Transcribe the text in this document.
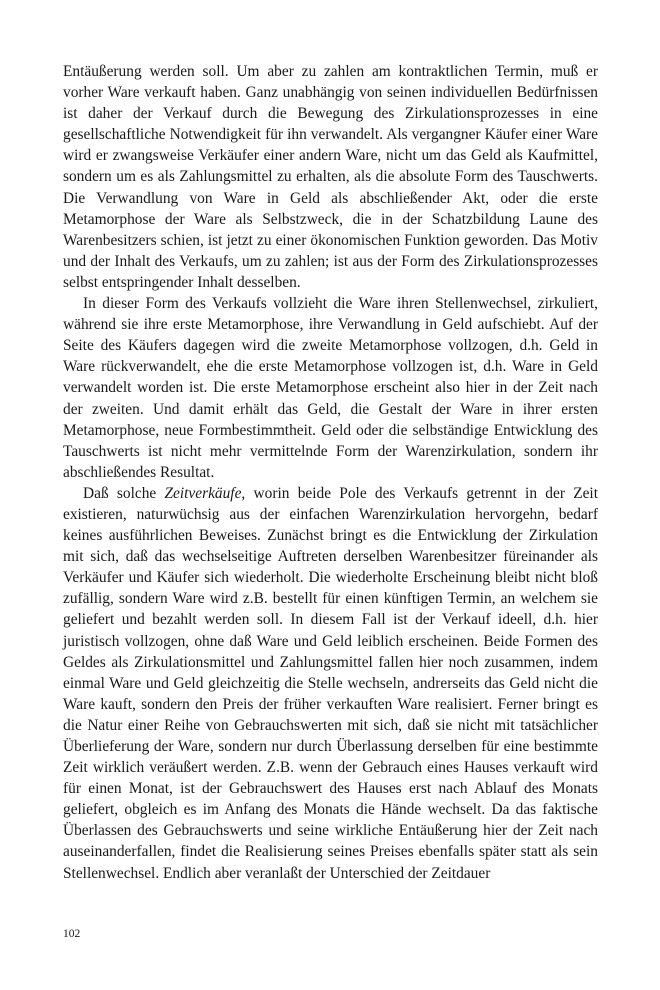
Entäußerung werden soll. Um aber zu zahlen am kontraktlichen Termin, muß er vorher Ware verkauft haben. Ganz unabhängig von seinen individuellen Bedürfnissen ist daher der Verkauf durch die Bewegung des Zirkulationsprozesses in eine gesellschaftliche Notwendigkeit für ihn verwandelt. Als vergangner Käufer einer Ware wird er zwangsweise Verkäufer einer andern Ware, nicht um das Geld als Kaufmittel, sondern um es als Zahlungsmittel zu erhalten, als die absolute Form des Tauschwerts. Die Verwandlung von Ware in Geld als abschließender Akt, oder die erste Metamorphose der Ware als Selbstzweck, die in der Schatzbildung Laune des Warenbesitzers schien, ist jetzt zu einer ökonomischen Funktion geworden. Das Motiv und der Inhalt des Verkaufs, um zu zahlen; ist aus der Form des Zirkulationsprozesses selbst entspringender Inhalt desselben.

In dieser Form des Verkaufs vollzieht die Ware ihren Stellenwechsel, zirkuliert, während sie ihre erste Metamorphose, ihre Verwandlung in Geld aufschiebt. Auf der Seite des Käufers dagegen wird die zweite Metamorphose vollzogen, d.h. Geld in Ware rückverwandelt, ehe die erste Metamorphose vollzogen ist, d.h. Ware in Geld verwandelt worden ist. Die erste Metamorphose erscheint also hier in der Zeit nach der zweiten. Und damit erhält das Geld, die Gestalt der Ware in ihrer ersten Metamorphose, neue Formbestimmtheit. Geld oder die selbständige Entwicklung des Tauschwerts ist nicht mehr vermittelnde Form der Warenzirkulation, sondern ihr abschließendes Resultat.

Daß solche Zeitverkäufe, worin beide Pole des Verkaufs getrennt in der Zeit existieren, naturwüchsig aus der einfachen Warenzirkulation hervorgehn, bedarf keines ausführlichen Beweises. Zunächst bringt es die Entwicklung der Zirkulation mit sich, daß das wechselseitige Auftreten derselben Warenbesitzer füreinander als Verkäufer und Käufer sich wiederholt. Die wiederholte Erscheinung bleibt nicht bloß zufällig, sondern Ware wird z.B. bestellt für einen künftigen Termin, an welchem sie geliefert und bezahlt werden soll. In diesem Fall ist der Verkauf ideell, d.h. hier juristisch vollzogen, ohne daß Ware und Geld leiblich erscheinen. Beide Formen des Geldes als Zirkulationsmittel und Zahlungsmittel fallen hier noch zusammen, indem einmal Ware und Geld gleichzeitig die Stelle wechseln, andrerseits das Geld nicht die Ware kauft, sondern den Preis der früher verkauften Ware realisiert. Ferner bringt es die Natur einer Reihe von Gebrauchswerten mit sich, daß sie nicht mit tatsächlicher Überlieferung der Ware, sondern nur durch Überlassung derselben für eine bestimmte Zeit wirklich veräußert werden. Z.B. wenn der Gebrauch eines Hauses verkauft wird für einen Monat, ist der Gebrauchswert des Hauses erst nach Ablauf des Monats geliefert, obgleich es im Anfang des Monats die Hände wechselt. Da das faktische Überlassen des Gebrauchswerts und seine wirkliche Entäußerung hier der Zeit nach auseinanderfallen, findet die Realisierung seines Preises ebenfalls später statt als sein Stellenwechsel. Endlich aber veranlaßt der Unterschied der Zeitdauer

102
